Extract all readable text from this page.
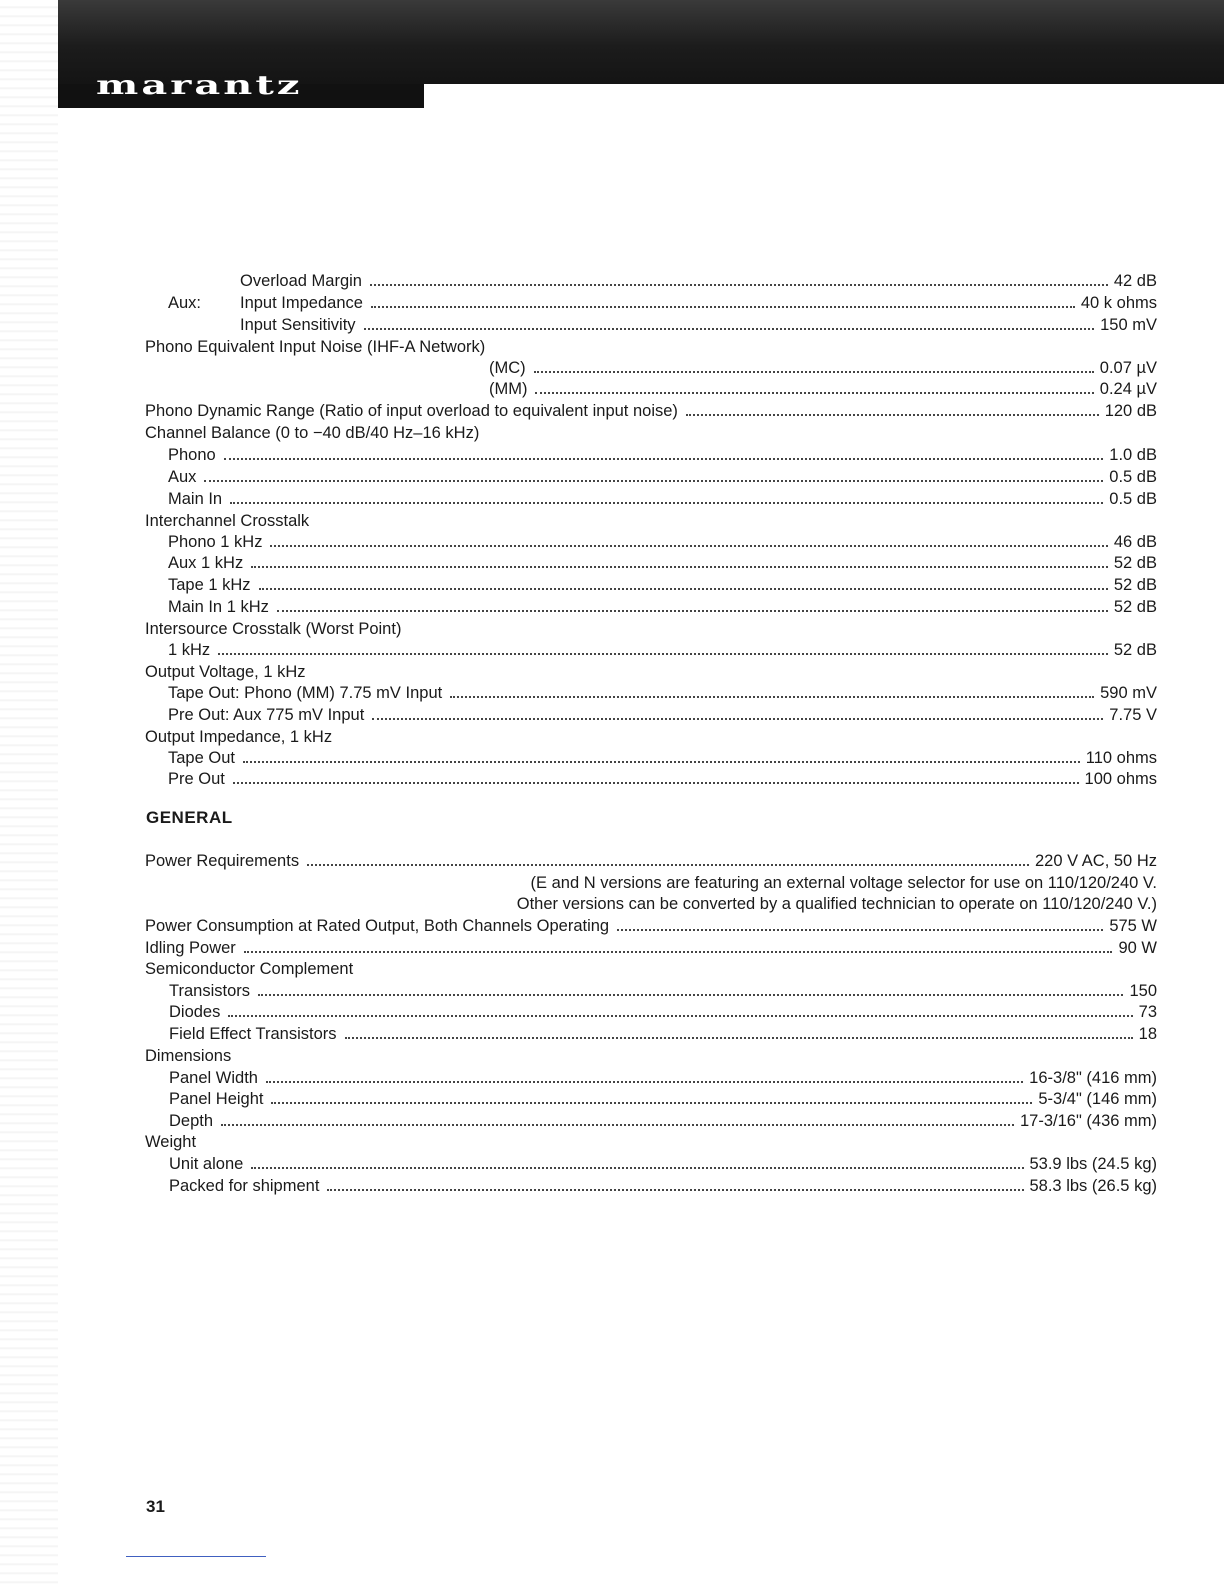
marantz
Overload Margin	42 dB
Aux:	Input Impedance	40 k ohms
Input Sensitivity	150 mV
Phono Equivalent Input Noise (IHF-A Network)
(MC)	0.07 µV
(MM)	0.24 µV
Phono Dynamic Range (Ratio of input overload to equivalent input noise)	120 dB
Channel Balance (0 to −40 dB/40 Hz–16 kHz)
Phono	1.0 dB
Aux	0.5 dB
Main In	0.5 dB
Interchannel Crosstalk
Phono 1 kHz	46 dB
Aux 1 kHz	52 dB
Tape 1 kHz	52 dB
Main In 1 kHz	52 dB
Intersource Crosstalk (Worst Point)
1 kHz	52 dB
Output Voltage, 1 kHz
Tape Out: Phono (MM) 7.75 mV Input	590 mV
Pre Out: Aux 775 mV Input	7.75 V
Output Impedance, 1 kHz
Tape Out	110 ohms
Pre Out	100 ohms
GENERAL
Power Requirements	220 V AC, 50 Hz
(E and N versions are featuring an external voltage selector for use on 110/120/240 V.
Other versions can be converted by a qualified technician to operate on 110/120/240 V.)
Power Consumption at Rated Output, Both Channels Operating	575 W
Idling Power	90 W
Semiconductor Complement
Transistors	150
Diodes	73
Field Effect Transistors	18
Dimensions
Panel Width	16-3/8" (416 mm)
Panel Height	5-3/4" (146 mm)
Depth	17-3/16" (436 mm)
Weight
Unit alone	53.9 lbs (24.5 kg)
Packed for shipment	58.3 lbs (26.5 kg)
31
